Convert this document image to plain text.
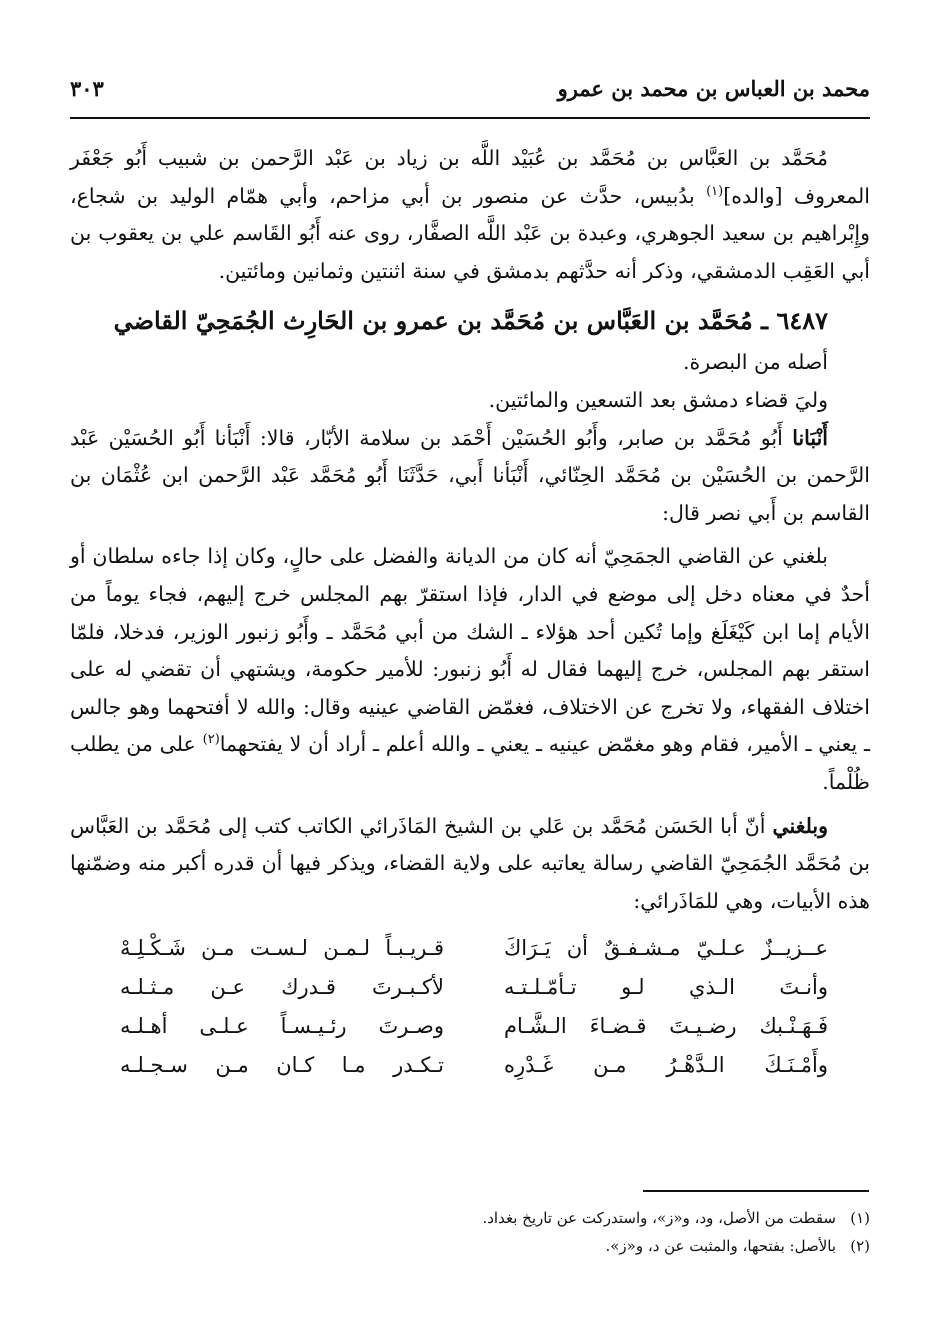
محمد بن العباس بن محمد بن عمرو
٣٠٣

مُحَمَّد بن العَبَّاس بن مُحَمَّد بن عُبَيْد اللَّه بن زياد بن عَبْد الرَّحمن بن شبيب أَبُو جَعْفَر المعروف [والده]$^{(١)}$ بدُبيس، حدَّث عن منصور بن أبي مزاحم، وأبي همّام الوليد بن شجاع، وإِبْراهيم بن سعيد الجوهري، وعبدة بن عَبْد اللَّه الصفَّار، روى عنه أَبُو القَاسم علي بن يعقوب بن أبي العَقِب الدمشقي، وذكر أنه حدَّثهم بدمشق في سنة اثنتين وثمانين ومائتين.

٦٤٨٧ ـ مُحَمَّد بن العَبَّاس بن مُحَمَّد بن عمرو بن الحَارِث الجُمَحِيّ القاضي

أصله من البصرة.

وليَ قضاء دمشق بعد التسعين والمائتين.

أَنْبَانا أَبُو مُحَمَّد بن صابر، وأَبُو الحُسَيْن أَحْمَد بن سلامة الأبّار، قالا: أَنْبَأنا أَبُو الحُسَيْن عَبْد الرَّحمن بن الحُسَيْن بن مُحَمَّد الحِنّائي، أَنْبَأنا أَبي، حَدَّثَنَا أَبُو مُحَمَّد عَبْد الرَّحمن ابن عُثْمَان بن القاسم بن أَبي نصر قال:

بلغني عن القاضي الجمَحِيّ أنه كان من الديانة والفضل على حالٍ، وكان إذا جاءه سلطان أو أحدٌ في معناه دخل إلى موضع في الدار، فإذا استقرّ بهم المجلس خرج إليهم، فجاء يوماً من الأيام إما ابن كَيْغَلَغ وإما تُكين أحد هؤلاء ـ الشك من أبي مُحَمَّد ـ وأَبُو زنبور الوزير، فدخلا، فلمّا استقر بهم المجلس، خرج إليهما فقال له أَبُو زنبور: للأمير حكومة، ويشتهي أن تقضي له على اختلاف الفقهاء، ولا تخرج عن الاختلاف، فغمّض القاضي عينيه وقال: والله لا أفتحهما وهو جالس ـ يعني ـ الأمير، فقام وهو مغمّض عينيه ـ يعني ـ والله أعلم ـ أراد أن لا يفتحهما$^{(٢)}$ على من يطلب ظُلْماً.

وبلغني أنّ أبا الحَسَن مُحَمَّد بن عَلي بن الشيخ المَاذَرائي الكاتب كتب إلى مُحَمَّد بن العَبَّاس بن مُحَمَّد الجُمَحِيّ القاضي رسالة يعاتبه على ولاية القضاء، ويذكر فيها أن قدره أكبر منه وضمّنها هذه الأبيات، وهي للمَاذَرائي:

عــزيــزٌ عـلـيّ مـشـفـقٌ أن يَـرَاكَ
قـريـبـاً لـمـن لـسـت مـن شَـكْـلِـهْ
وأنـتَ الـذي لـو تـأمّـلـتـه
لأكـبـرتَ قـدرك عـن مـثـلـه
فَـهَـنْـبك رضـيـتَ قـضـاءَ الـشَّـام
وصـرتَ رئـيـسـاً عـلـى أهـلـه
وأَمْـنَـكَ الـدَّهْـرُ مـن غَـدْرِه
تـكـدر مـا كـان مـن سـجـلـه
(١)سقطت من الأصل، ود، و«ز»، واستدركت عن تاريخ بغداد.
(٢)بالأصل: بفتحها، والمثبت عن د، و«ز».
